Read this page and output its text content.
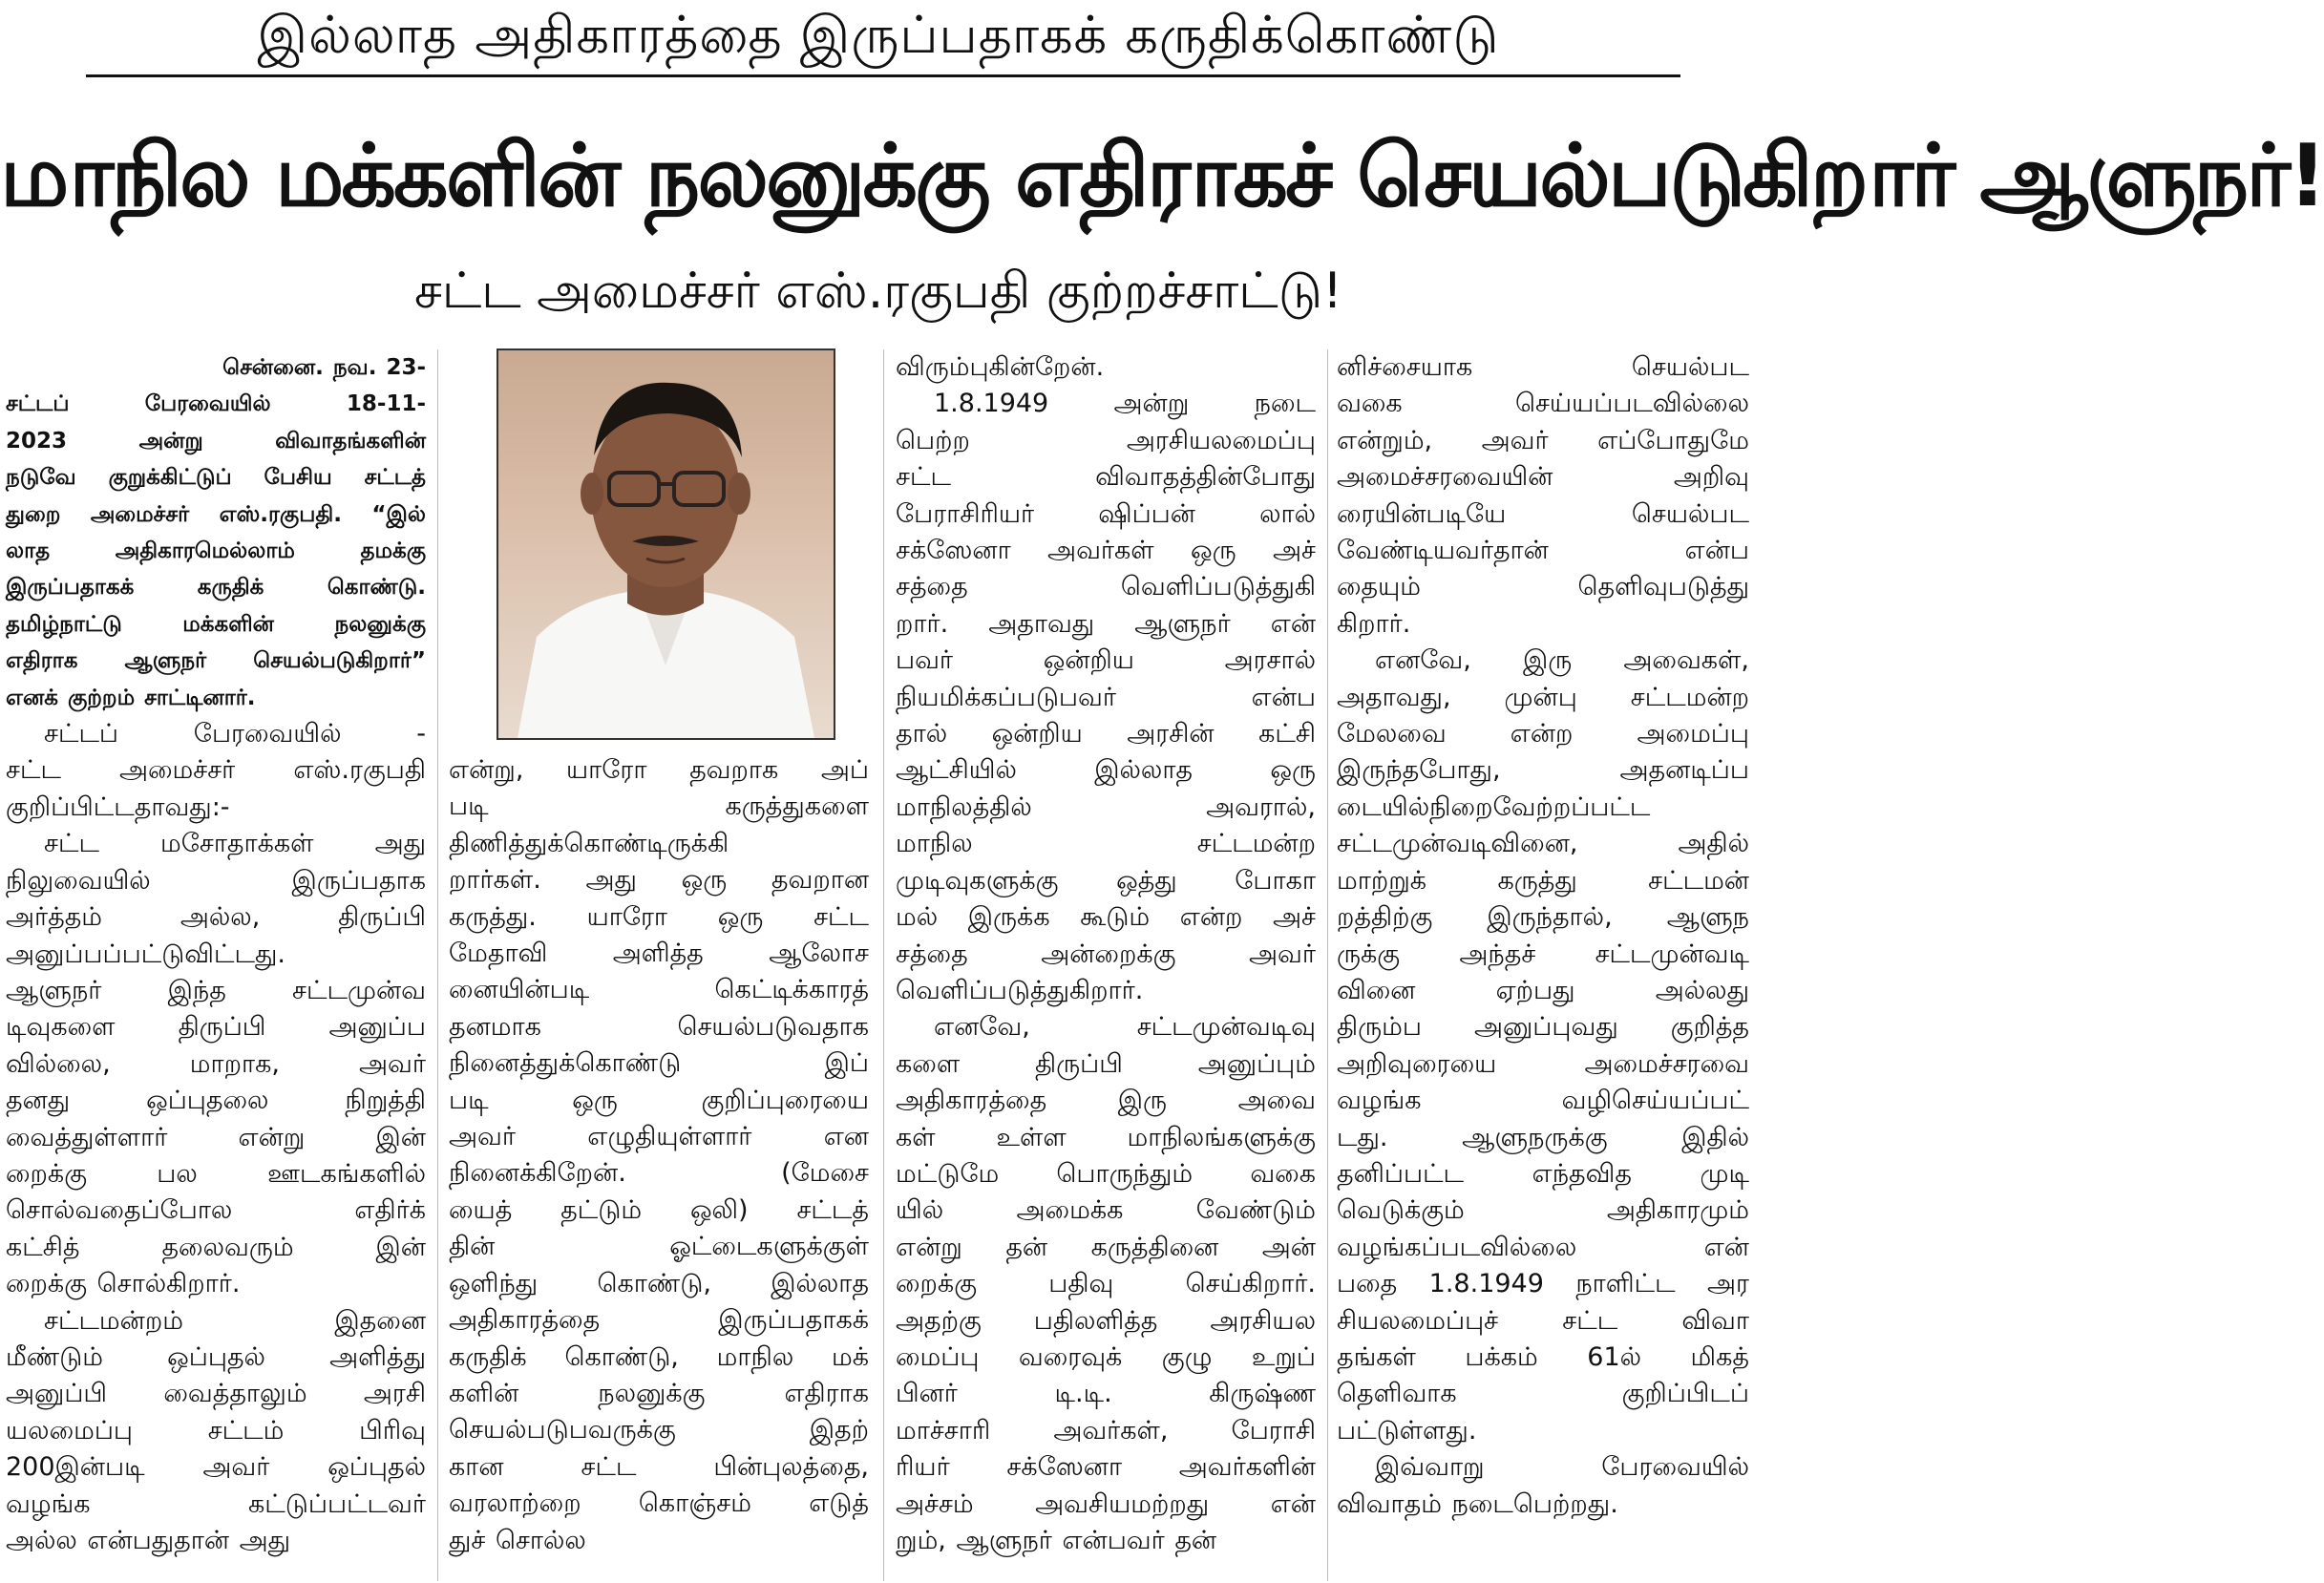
இல்லாத அதிகாரத்தை இருப்பதாகக் கருதிக்கொண்டு
மாநில மக்களின் நலனுக்கு எதிராகச் செயல்படுகிறார் ஆளுநர்!
சட்ட அமைச்சர் எஸ்.ரகுபதி குற்றச்சாட்டு!

சென்னை. நவ. 23-

சட்டப் பேரவையில் 18-11-

2023 அன்று விவாதங்களின்

நடுவே குறுக்கிட்டுப் பேசிய சட்டத்

துறை அமைச்சர் எஸ்.ரகுபதி. “இல்

லாத அதிகாரமெல்லாம் தமக்கு

இருப்பதாகக் கருதிக் கொண்டு.

தமிழ்நாட்டு மக்களின் நலனுக்கு

எதிராக ஆளுநர் செயல்படுகிறார்”

எனக் குற்றம் சாட்டினார்.

சட்டப் பேரவையில் -

சட்ட அமைச்சர் எஸ்.ரகுபதி

குறிப்பிட்டதாவது:-

சட்ட மசோதாக்கள் அது

நிலுவையில் இருப்பதாக

அர்த்தம் அல்ல, திருப்பி

அனுப்பப்பட்டுவிட்டது.

ஆளுநர் இந்த சட்டமுன்வ

டிவுகளை திருப்பி அனுப்ப

வில்லை, மாறாக, அவர்

தனது ஒப்புதலை நிறுத்தி

வைத்துள்ளார் என்று இன்

றைக்கு பல ஊடகங்களில்

சொல்வதைப்போல எதிர்க்

கட்சித் தலைவரும் இன்

றைக்கு சொல்கிறார்.

சட்டமன்றம் இதனை

மீண்டும் ஒப்புதல் அளித்து

அனுப்பி வைத்தாலும் அரசி

யலமைப்பு சட்டம் பிரிவு

200இன்படி அவர் ஒப்புதல்

வழங்க கட்டுப்பட்டவர்

அல்ல என்பதுதான் அது

என்று, யாரோ தவறாக அப்

படி கருத்துகளை

திணித்துக்கொண்டிருக்கி

றார்கள். அது ஒரு தவறான

கருத்து. யாரோ ஒரு சட்ட

மேதாவி அளித்த ஆலோச

னையின்படி கெட்டிக்காரத்

தனமாக செயல்படுவதாக

நினைத்துக்கொண்டு இப்

படி ஒரு குறிப்புரையை

அவர் எழுதியுள்ளார் என

நினைக்கிறேன். (மேசை

யைத் தட்டும் ஒலி) சட்டத்

தின் ஓட்டைகளுக்குள்

ஒளிந்து கொண்டு, இல்லாத

அதிகாரத்தை இருப்பதாகக்

கருதிக் கொண்டு, மாநில மக்

களின் நலனுக்கு எதிராக

செயல்படுபவருக்கு இதற்

கான சட்ட பின்புலத்தை,

வரலாற்றை கொஞ்சம் எடுத்

துச் சொல்ல

விரும்புகின்றேன்.

1.8.1949 அன்று நடை

பெற்ற அரசியலமைப்பு

சட்ட விவாதத்தின்போது

பேராசிரியர் ஷிப்பன் லால்

சக்ஸேனா அவர்கள் ஒரு அச்

சத்தை வெளிப்படுத்துகி

றார். அதாவது ஆளுநர் என்

பவர் ஒன்றிய அரசால்

நியமிக்கப்படுபவர் என்ப

தால் ஒன்றிய அரசின் கட்சி

ஆட்சியில் இல்லாத ஒரு

மாநிலத்தில் அவரால்,

மாநில சட்டமன்ற

முடிவுகளுக்கு ஒத்து போகா

மல் இருக்க கூடும் என்ற அச்

சத்தை அன்றைக்கு அவர்

வெளிப்படுத்துகிறார்.

எனவே, சட்டமுன்வடிவு

களை திருப்பி அனுப்பும்

அதிகாரத்தை இரு அவை

கள் உள்ள மாநிலங்களுக்கு

மட்டுமே பொருந்தும் வகை

யில் அமைக்க வேண்டும்

என்று தன் கருத்தினை அன்

றைக்கு பதிவு செய்கிறார்.

அதற்கு பதிலளித்த அரசியல

மைப்பு வரைவுக் குழு உறுப்

பினர் டி.டி. கிருஷ்ண

மாச்சாரி அவர்கள், பேராசி

ரியர் சக்ஸேனா அவர்களின்

அச்சம் அவசியமற்றது என்

றும், ஆளுநர் என்பவர் தன்

னிச்சையாக செயல்பட

வகை செய்யப்படவில்லை

என்றும், அவர் எப்போதுமே

அமைச்சரவையின் அறிவு

ரையின்படியே செயல்பட

வேண்டியவர்தான் என்ப

தையும் தெளிவுபடுத்து

கிறார்.

எனவே, இரு அவைகள்,

அதாவது, முன்பு சட்டமன்ற

மேலவை என்ற அமைப்பு

இருந்தபோது, அதனடிப்ப

டையில்நிறைவேற்றப்பட்ட

சட்டமுன்வடிவினை, அதில்

மாற்றுக் கருத்து சட்டமன்

றத்திற்கு இருந்தால், ஆளுந

ருக்கு அந்தச் சட்டமுன்வடி

வினை ஏற்பது அல்லது

திரும்ப அனுப்புவது குறித்த

அறிவுரையை அமைச்சரவை

வழங்க வழிசெய்யப்பட்

டது. ஆளுநருக்கு இதில்

தனிப்பட்ட எந்தவித முடி

வெடுக்கும் அதிகாரமும்

வழங்கப்படவில்லை என்

பதை 1.8.1949 நாளிட்ட அர

சியலமைப்புச் சட்ட விவா

தங்கள் பக்கம் 61ல் மிகத்

தெளிவாக குறிப்பிடப்

பட்டுள்ளது.

இவ்வாறு பேரவையில்

விவாதம் நடைபெற்றது.
